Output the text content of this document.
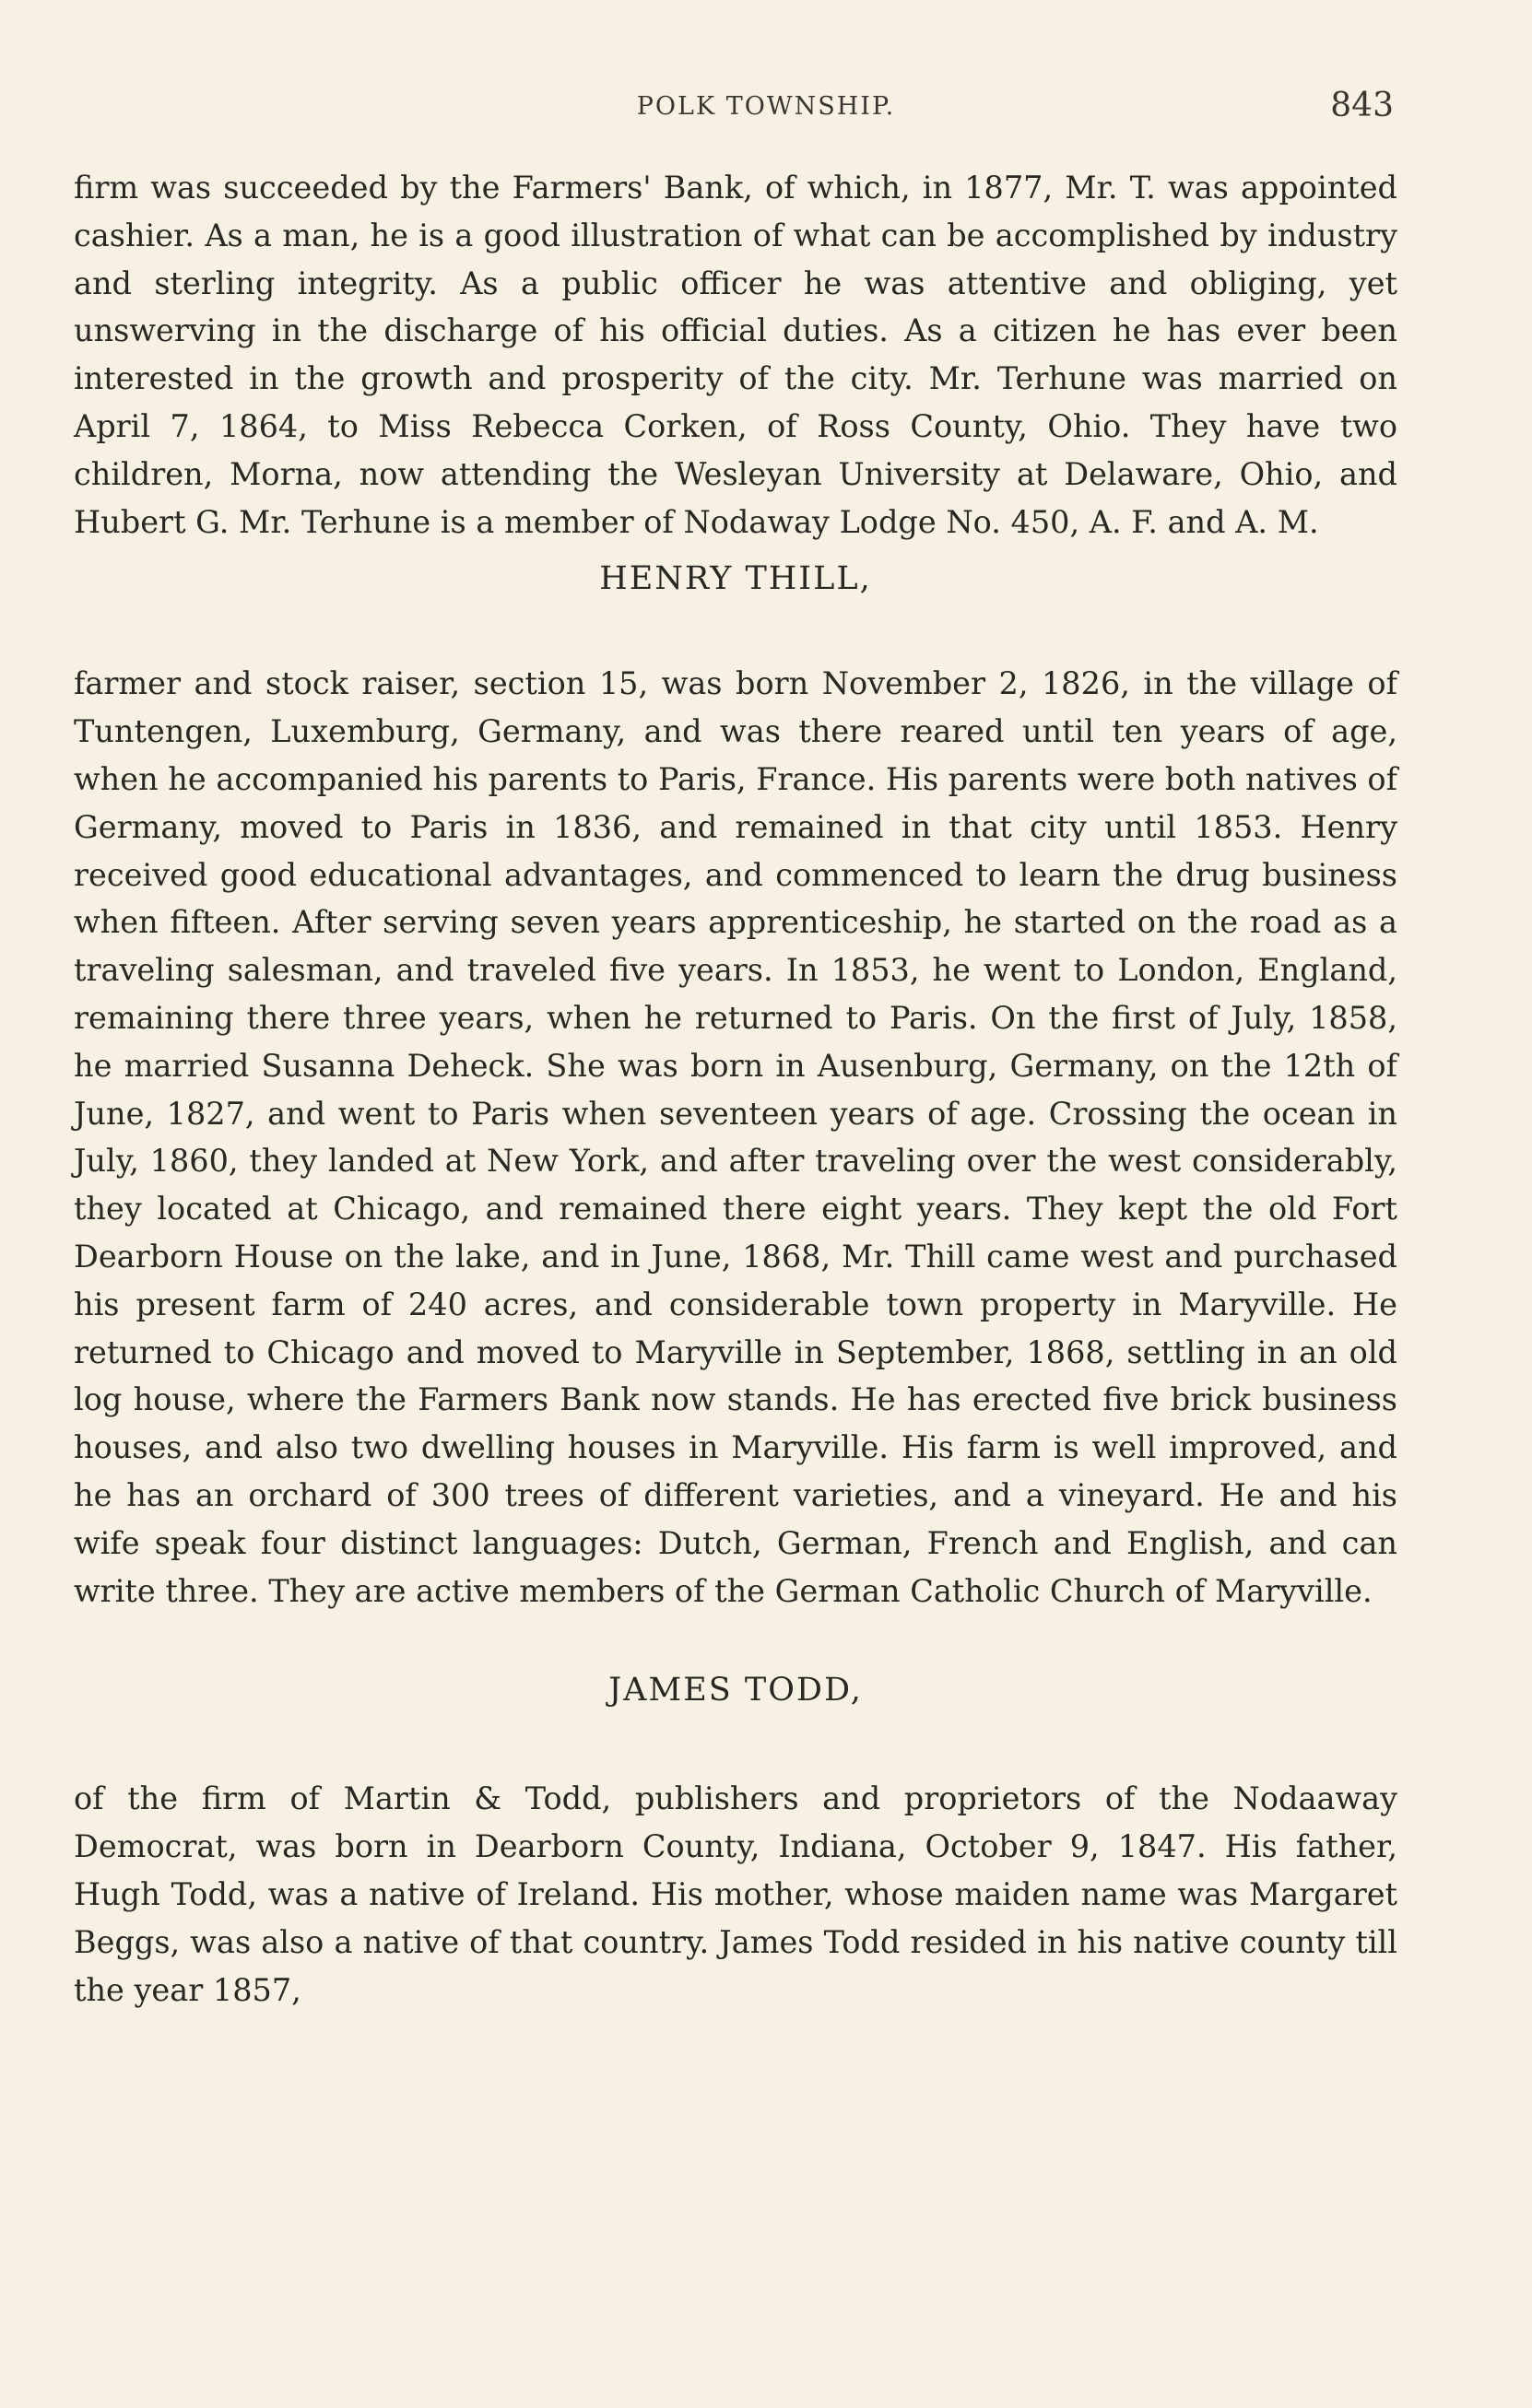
POLK TOWNSHIP.	843

firm was succeeded by the Farmers' Bank, of which, in 1877, Mr. T. was appointed cashier. As a man, he is a good illustration of what can be accomplished by industry and sterling integrity. As a public officer he was attentive and obliging, yet unswerving in the discharge of his official duties. As a citizen he has ever been interested in the growth and prosperity of the city. Mr. Terhune was married on April 7, 1864, to Miss Rebecca Corken, of Ross County, Ohio. They have two children, Morna, now attending the Wesleyan University at Delaware, Ohio, and Hubert G. Mr. Terhune is a member of Nodaway Lodge No. 450, A. F. and A. M.

HENRY THILL,

farmer and stock raiser, section 15, was born November 2, 1826, in the village of Tuntengen, Luxemburg, Germany, and was there reared until ten years of age, when he accompanied his parents to Paris, France. His parents were both natives of Germany, moved to Paris in 1836, and remained in that city until 1853. Henry received good educational advantages, and commenced to learn the drug business when fifteen. After serving seven years apprenticeship, he started on the road as a traveling salesman, and traveled five years. In 1853, he went to London, England, remaining there three years, when he returned to Paris. On the first of July, 1858, he married Susanna Deheck. She was born in Ausenburg, Germany, on the 12th of June, 1827, and went to Paris when seventeen years of age. Crossing the ocean in July, 1860, they landed at New York, and after traveling over the west considerably, they located at Chicago, and remained there eight years. They kept the old Fort Dearborn House on the lake, and in June, 1868, Mr. Thill came west and purchased his present farm of 240 acres, and considerable town property in Maryville. He returned to Chicago and moved to Maryville in September, 1868, settling in an old log house, where the Farmers Bank now stands. He has erected five brick business houses, and also two dwelling houses in Maryville. His farm is well improved, and he has an orchard of 300 trees of different varieties, and a vineyard. He and his wife speak four distinct languages: Dutch, German, French and English, and can write three. They are active members of the German Catholic Church of Maryville.

JAMES TODD,

of the firm of Martin & Todd, publishers and proprietors of the Nodaaway Democrat, was born in Dearborn County, Indiana, October 9, 1847. His father, Hugh Todd, was a native of Ireland. His mother, whose maiden name was Margaret Beggs, was also a native of that country. James Todd resided in his native county till the year 1857,
